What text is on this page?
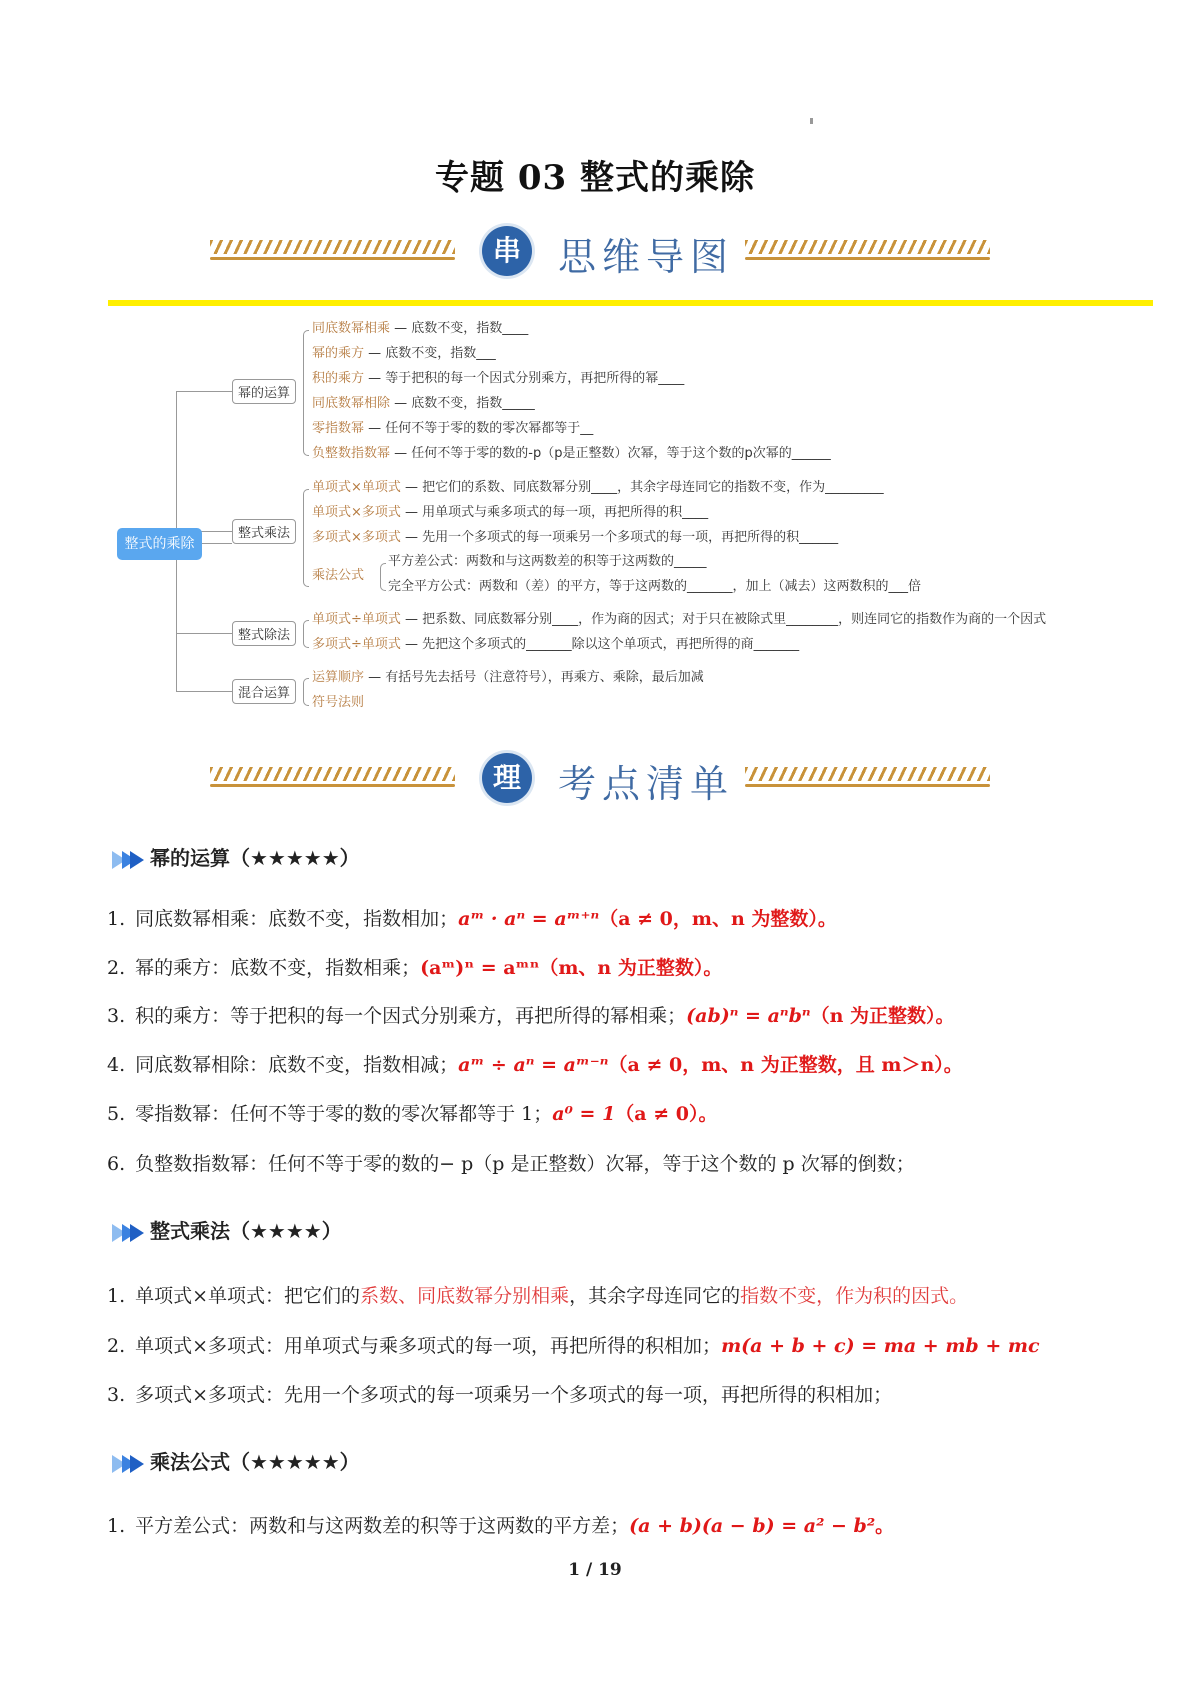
专题 03 整式的乘除
串 思维导图
整式的乘除
幂的运算
同底数幂相乘 — 底数不变，指数____
幂的乘方 — 底数不变，指数___
积的乘方 — 等于把积的每一个因式分别乘方，再把所得的幂____
同底数幂相除 — 底数不变，指数_____
零指数幂 — 任何不等于零的数的零次幂都等于__
负整数指数幂 — 任何不等于零的数的-p（p是正整数）次幂，等于这个数的p次幂的______
整式乘法
单项式×单项式 — 把它们的系数、同底数幂分别____，其余字母连同它的指数不变，作为_________
单项式×多项式 — 用单项式与乘多项式的每一项，再把所得的积____
多项式×多项式 — 先用一个多项式的每一项乘另一个多项式的每一项，再把所得的积______
乘法公式
平方差公式：两数和与这两数差的积等于这两数的_____
完全平方公式：两数和（差）的平方，等于这两数的_______，加上（减去）这两数积的___倍
整式除法
单项式÷单项式 — 把系数、同底数幂分别____，作为商的因式；对于只在被除式里________，则连同它的指数作为商的一个因式
多项式÷单项式 — 先把这个多项式的_______除以这个单项式，再把所得的商_______
混合运算
运算顺序 — 有括号先去括号（注意符号），再乘方、乘除，最后加减
符号法则
理 考点清单
幂的运算（★★★★★）
1. 同底数幂相乘：底数不变，指数相加；aᵐ · aⁿ = aᵐ⁺ⁿ（a ≠ 0，m、n 为整数）。
2. 幂的乘方：底数不变，指数相乘；(aᵐ)ⁿ = aᵐⁿ（m、n 为正整数）。
3. 积的乘方：等于把积的每一个因式分别乘方，再把所得的幂相乘；(ab)ⁿ = aⁿbⁿ（n 为正整数）。
4. 同底数幂相除：底数不变，指数相减；aᵐ ÷ aⁿ = aᵐ⁻ⁿ（a ≠ 0，m、n 为正整数，且 m＞n）。
5. 零指数幂：任何不等于零的数的零次幂都等于 1；a⁰ = 1（a ≠ 0）。
6. 负整数指数幂：任何不等于零的数的− p（p 是正整数）次幂，等于这个数的 p 次幂的倒数；
整式乘法（★★★★）
1. 单项式×单项式：把它们的系数、同底数幂分别相乘，其余字母连同它的指数不变，作为积的因式。
2. 单项式×多项式：用单项式与乘多项式的每一项，再把所得的积相加；m(a + b + c) = ma + mb + mc
3. 多项式×多项式：先用一个多项式的每一项乘另一个多项式的每一项，再把所得的积相加；
乘法公式（★★★★★）
1. 平方差公式：两数和与这两数差的积等于这两数的平方差；(a + b)(a − b) = a² − b²。
1 / 19
